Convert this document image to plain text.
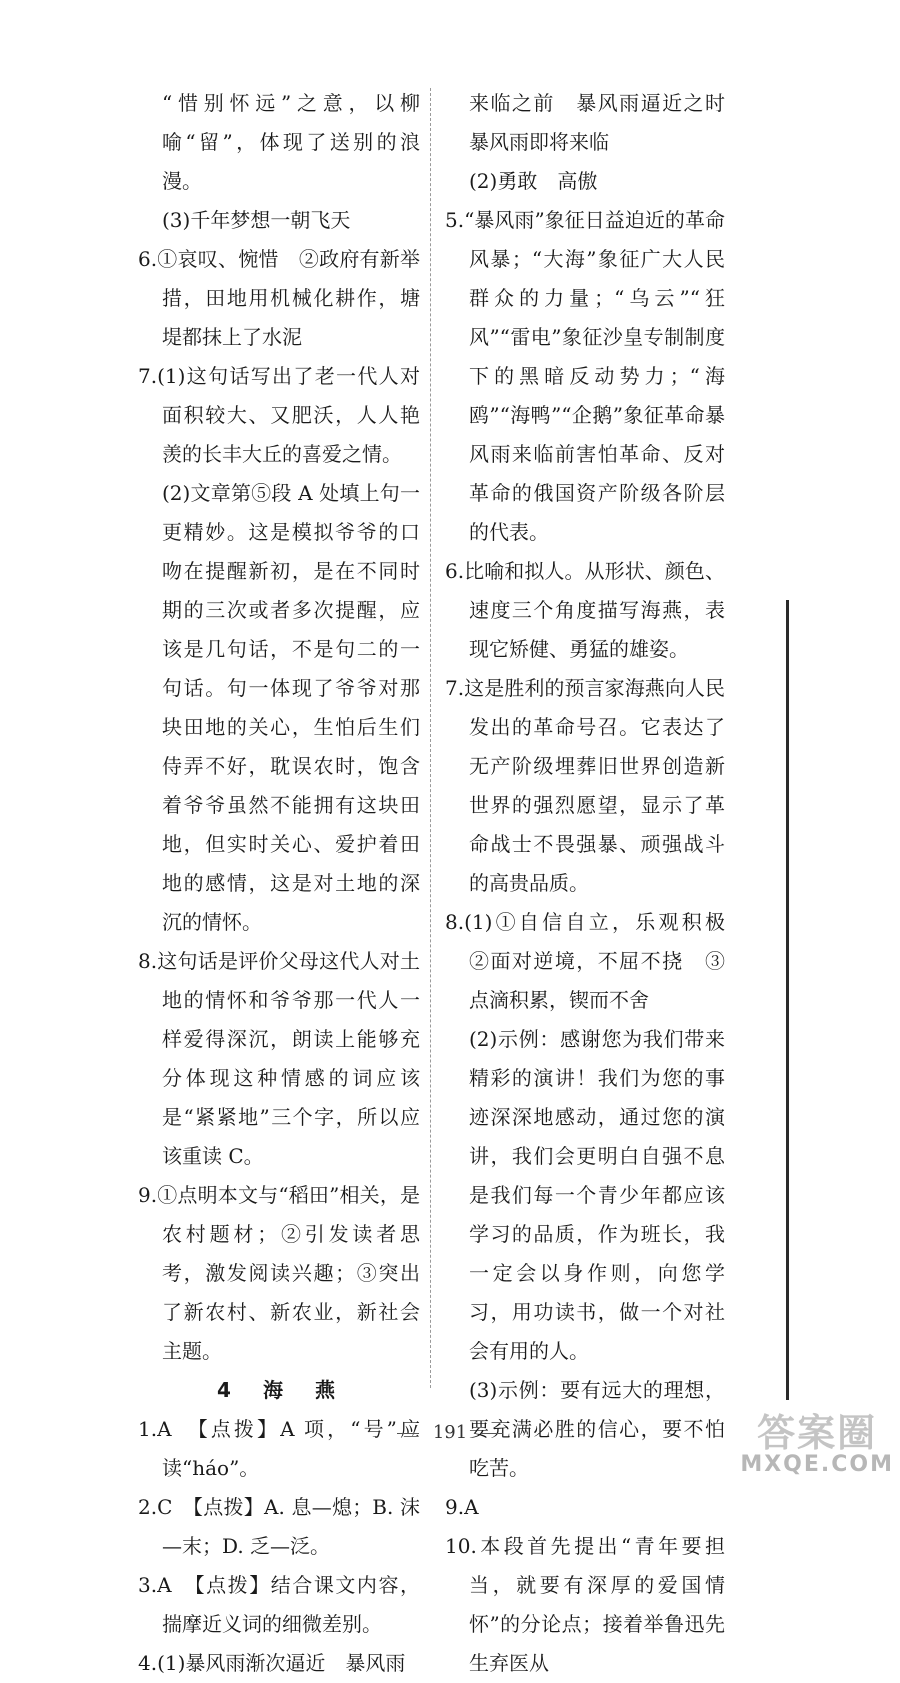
“惜别怀远”之意，以柳喻“留”，体现了送别的浪漫。

(3)千年梦想一朝飞天

6.①哀叹、惋惜　②政府有新举措，田地用机械化耕作，塘堤都抹上了水泥

7.(1)这句话写出了老一代人对面积较大、又肥沃，人人艳羡的长丰大丘的喜爱之情。

(2)文章第⑤段 A 处填上句一更精妙。这是模拟爷爷的口吻在提醒新初，是在不同时期的三次或者多次提醒，应该是几句话，不是句二的一句话。句一体现了爷爷对那块田地的关心，生怕后生们侍弄不好，耽误农时，饱含着爷爷虽然不能拥有这块田地，但实时关心、爱护着田地的感情，这是对土地的深沉的情怀。

8.这句话是评价父母这代人对土地的情怀和爷爷那一代人一样爱得深沉，朗读上能够充分体现这种情感的词应该是“紧紧地”三个字，所以应该重读 C。

9.①点明本文与“稻田”相关，是农村题材；②引发读者思考，激发阅读兴趣；③突出了新农村、新农业，新社会主题。

4　海　燕

1.A　【点拨】A 项，“号”应读“háo”。

2.C　【点拨】A. 息—熄；B. 沫—末；D. 乏—泛。

3.A　【点拨】结合课文内容，揣摩近义词的细微差别。

4.(1)暴风雨渐次逼近　暴风雨

来临之前　暴风雨逼近之时　暴风雨即将来临

(2)勇敢　高傲

5.“暴风雨”象征日益迫近的革命风暴；“大海”象征广大人民群众的力量；“乌云”“狂风”“雷电”象征沙皇专制制度下的黑暗反动势力；“海鸥”“海鸭”“企鹅”象征革命暴风雨来临前害怕革命、反对革命的俄国资产阶级各阶层的代表。

6.比喻和拟人。从形状、颜色、速度三个角度描写海燕，表现它矫健、勇猛的雄姿。

7.这是胜利的预言家海燕向人民发出的革命号召。它表达了无产阶级埋葬旧世界创造新世界的强烈愿望，显示了革命战士不畏强暴、顽强战斗的高贵品质。

8.(1)①自信自立，乐观积极　②面对逆境，不屈不挠　③点滴积累，锲而不舍

(2)示例：感谢您为我们带来精彩的演讲！我们为您的事迹深深地感动，通过您的演讲，我们会更明白自强不息是我们每一个青少年都应该学习的品质，作为班长，我一定会以身作则，向您学习，用功读书，做一个对社会有用的人。

(3)示例：要有远大的理想，要充满必胜的信心，要不怕吃苦。

9.A

10.本段首先提出“青年要担当，就要有深厚的爱国情怀”的分论点；接着举鲁迅先生弃医从

191	答案圈
MXQE.COM
